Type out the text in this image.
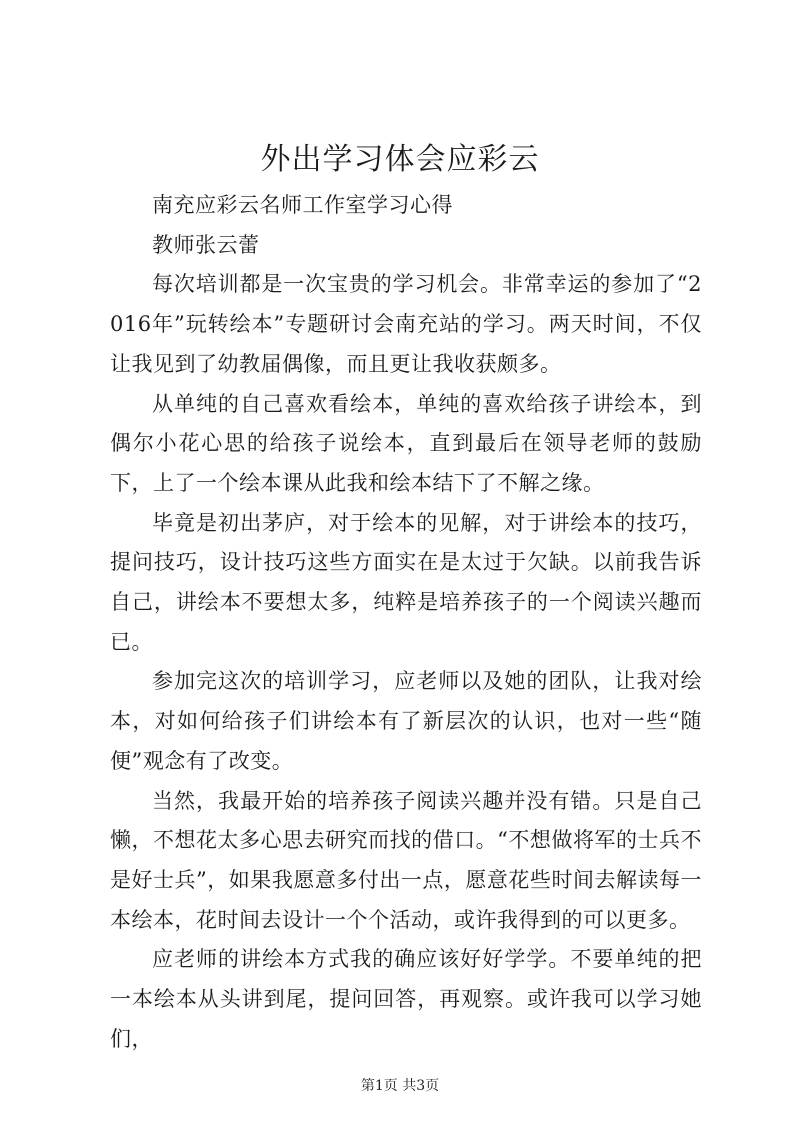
外出学习体会应彩云

南充应彩云名师工作室学习心得

教师张云蕾

每次培训都是一次宝贵的学习机会。非常幸运的参加了“2016年”玩转绘本”专题研讨会南充站的学习。两天时间，不仅让我见到了幼教届偶像，而且更让我收获颇多。

从单纯的自己喜欢看绘本，单纯的喜欢给孩子讲绘本，到偶尔小花心思的给孩子说绘本，直到最后在领导老师的鼓励下，上了一个绘本课从此我和绘本结下了不解之缘。

毕竟是初出茅庐，对于绘本的见解，对于讲绘本的技巧，提问技巧，设计技巧这些方面实在是太过于欠缺。以前我告诉自己，讲绘本不要想太多，纯粹是培养孩子的一个阅读兴趣而已。

参加完这次的培训学习，应老师以及她的团队，让我对绘本，对如何给孩子们讲绘本有了新层次的认识，也对一些“随便”观念有了改变。

当然，我最开始的培养孩子阅读兴趣并没有错。只是自己懒，不想花太多心思去研究而找的借口。“不想做将军的士兵不是好士兵”，如果我愿意多付出一点，愿意花些时间去解读每一本绘本，花时间去设计一个个活动，或许我得到的可以更多。

应老师的讲绘本方式我的确应该好好学学。不要单纯的把一本绘本从头讲到尾，提问回答，再观察。或许我可以学习她们，

第1页 共3页
